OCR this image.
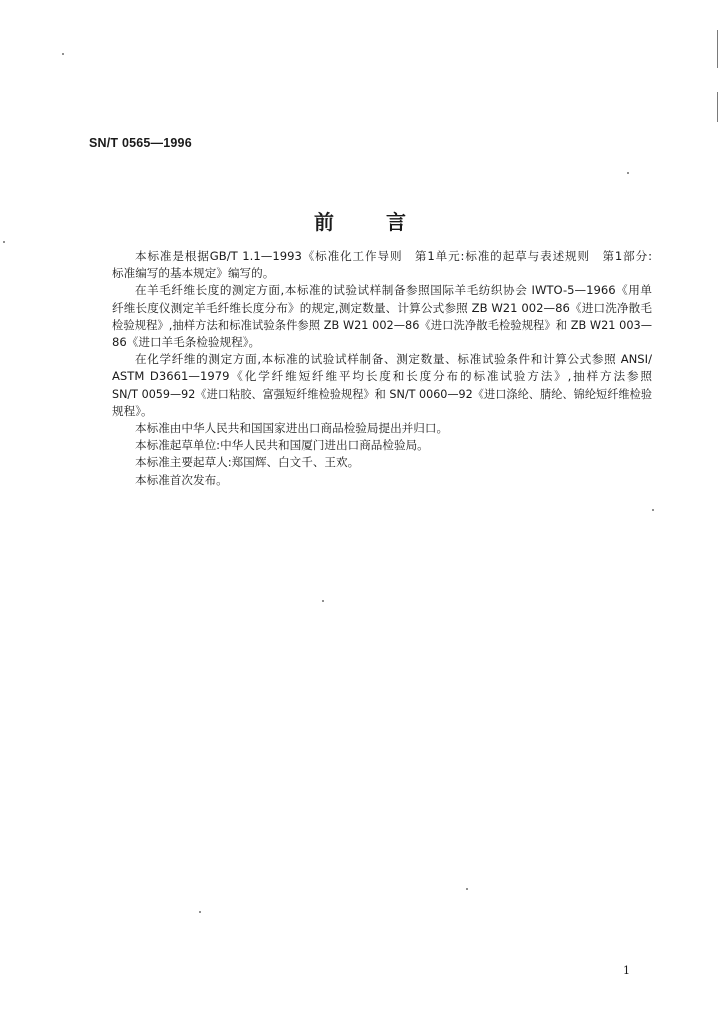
SN/T 0565—1996
前	言
本标准是根据GB/T 1.1—1993《标准化工作导则　第1单元:标准的起草与表述规则　第1部分:
标准编写的基本规定》编写的。
在羊毛纤维长度的测定方面,本标准的试验试样制备参照国际羊毛纺织协会 IWTO-5—1966《用单
纤维长度仪测定羊毛纤维长度分布》的规定,测定数量、计算公式参照 ZB W21 002—86《进口洗净散毛
检验规程》,抽样方法和标准试验条件参照 ZB W21 002—86《进口洗净散毛检验规程》和 ZB W21 003—
86《进口羊毛条检验规程》。
在化学纤维的测定方面,本标准的试验试样制备、测定数量、标准试验条件和计算公式参照 ANSI/
ASTM D3661—1979《化学纤维短纤维平均长度和长度分布的标准试验方法》,抽样方法参照
SN/T 0059—92《进口粘胶、富强短纤维检验规程》和 SN/T 0060—92《进口涤纶、腈纶、锦纶短纤维检验
规程》。
本标准由中华人民共和国国家进出口商品检验局提出并归口。
本标准起草单位:中华人民共和国厦门进出口商品检验局。
本标准主要起草人:郑国辉、白文千、王欢。
本标准首次发布。
1
